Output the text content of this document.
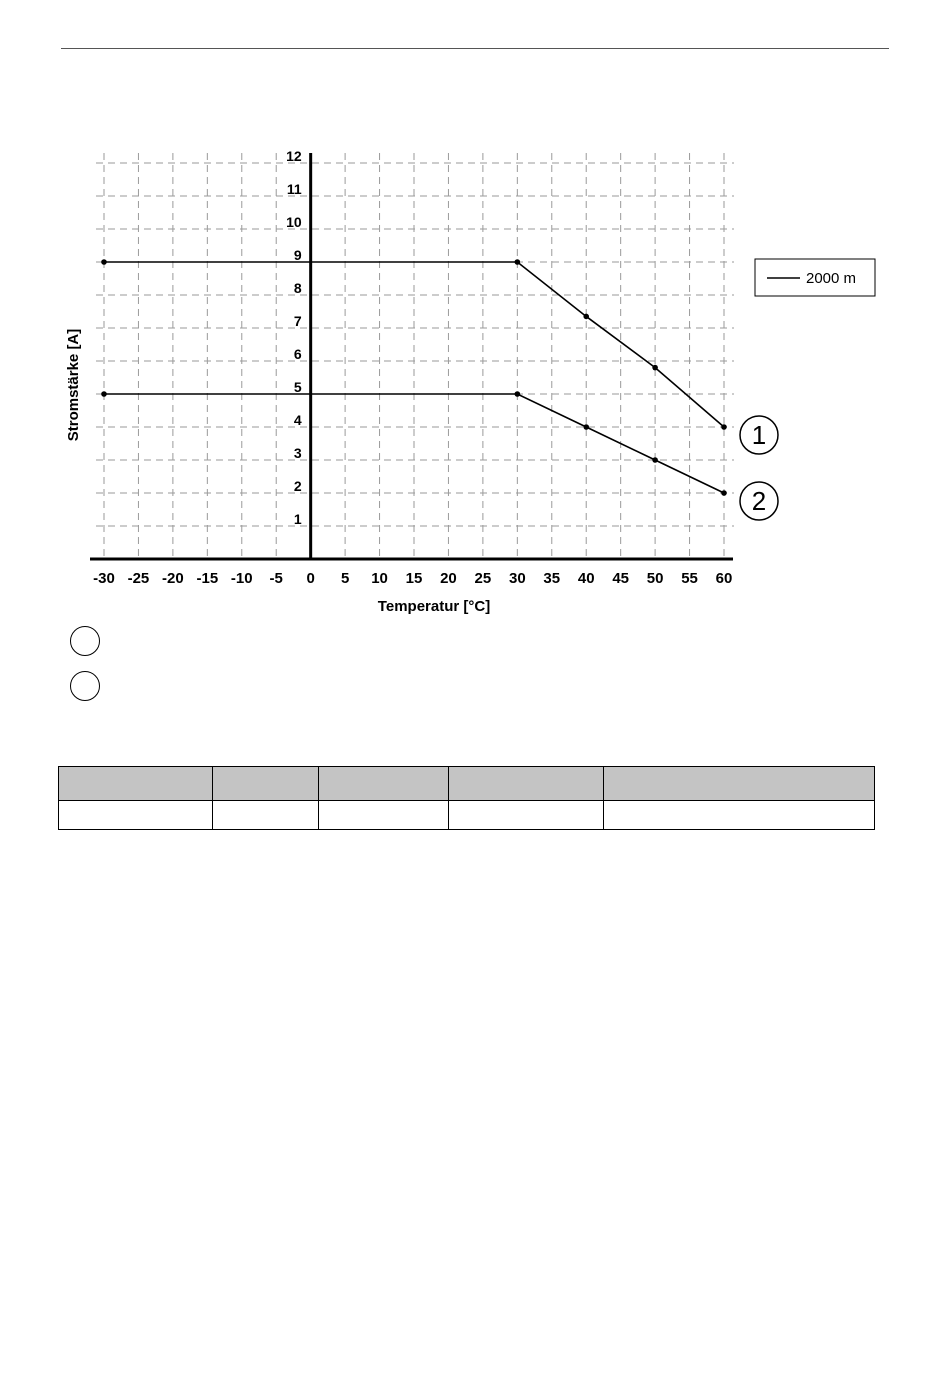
-30 -25 -20 -15 -10 -5 0 5 10 15 20 25 30 35 40 45 50 55 60
1
2
3
4
5
6
7
8
9
10
11
12
1
2
Temperatur [°C]
Stromstärke [A]
2000 m
